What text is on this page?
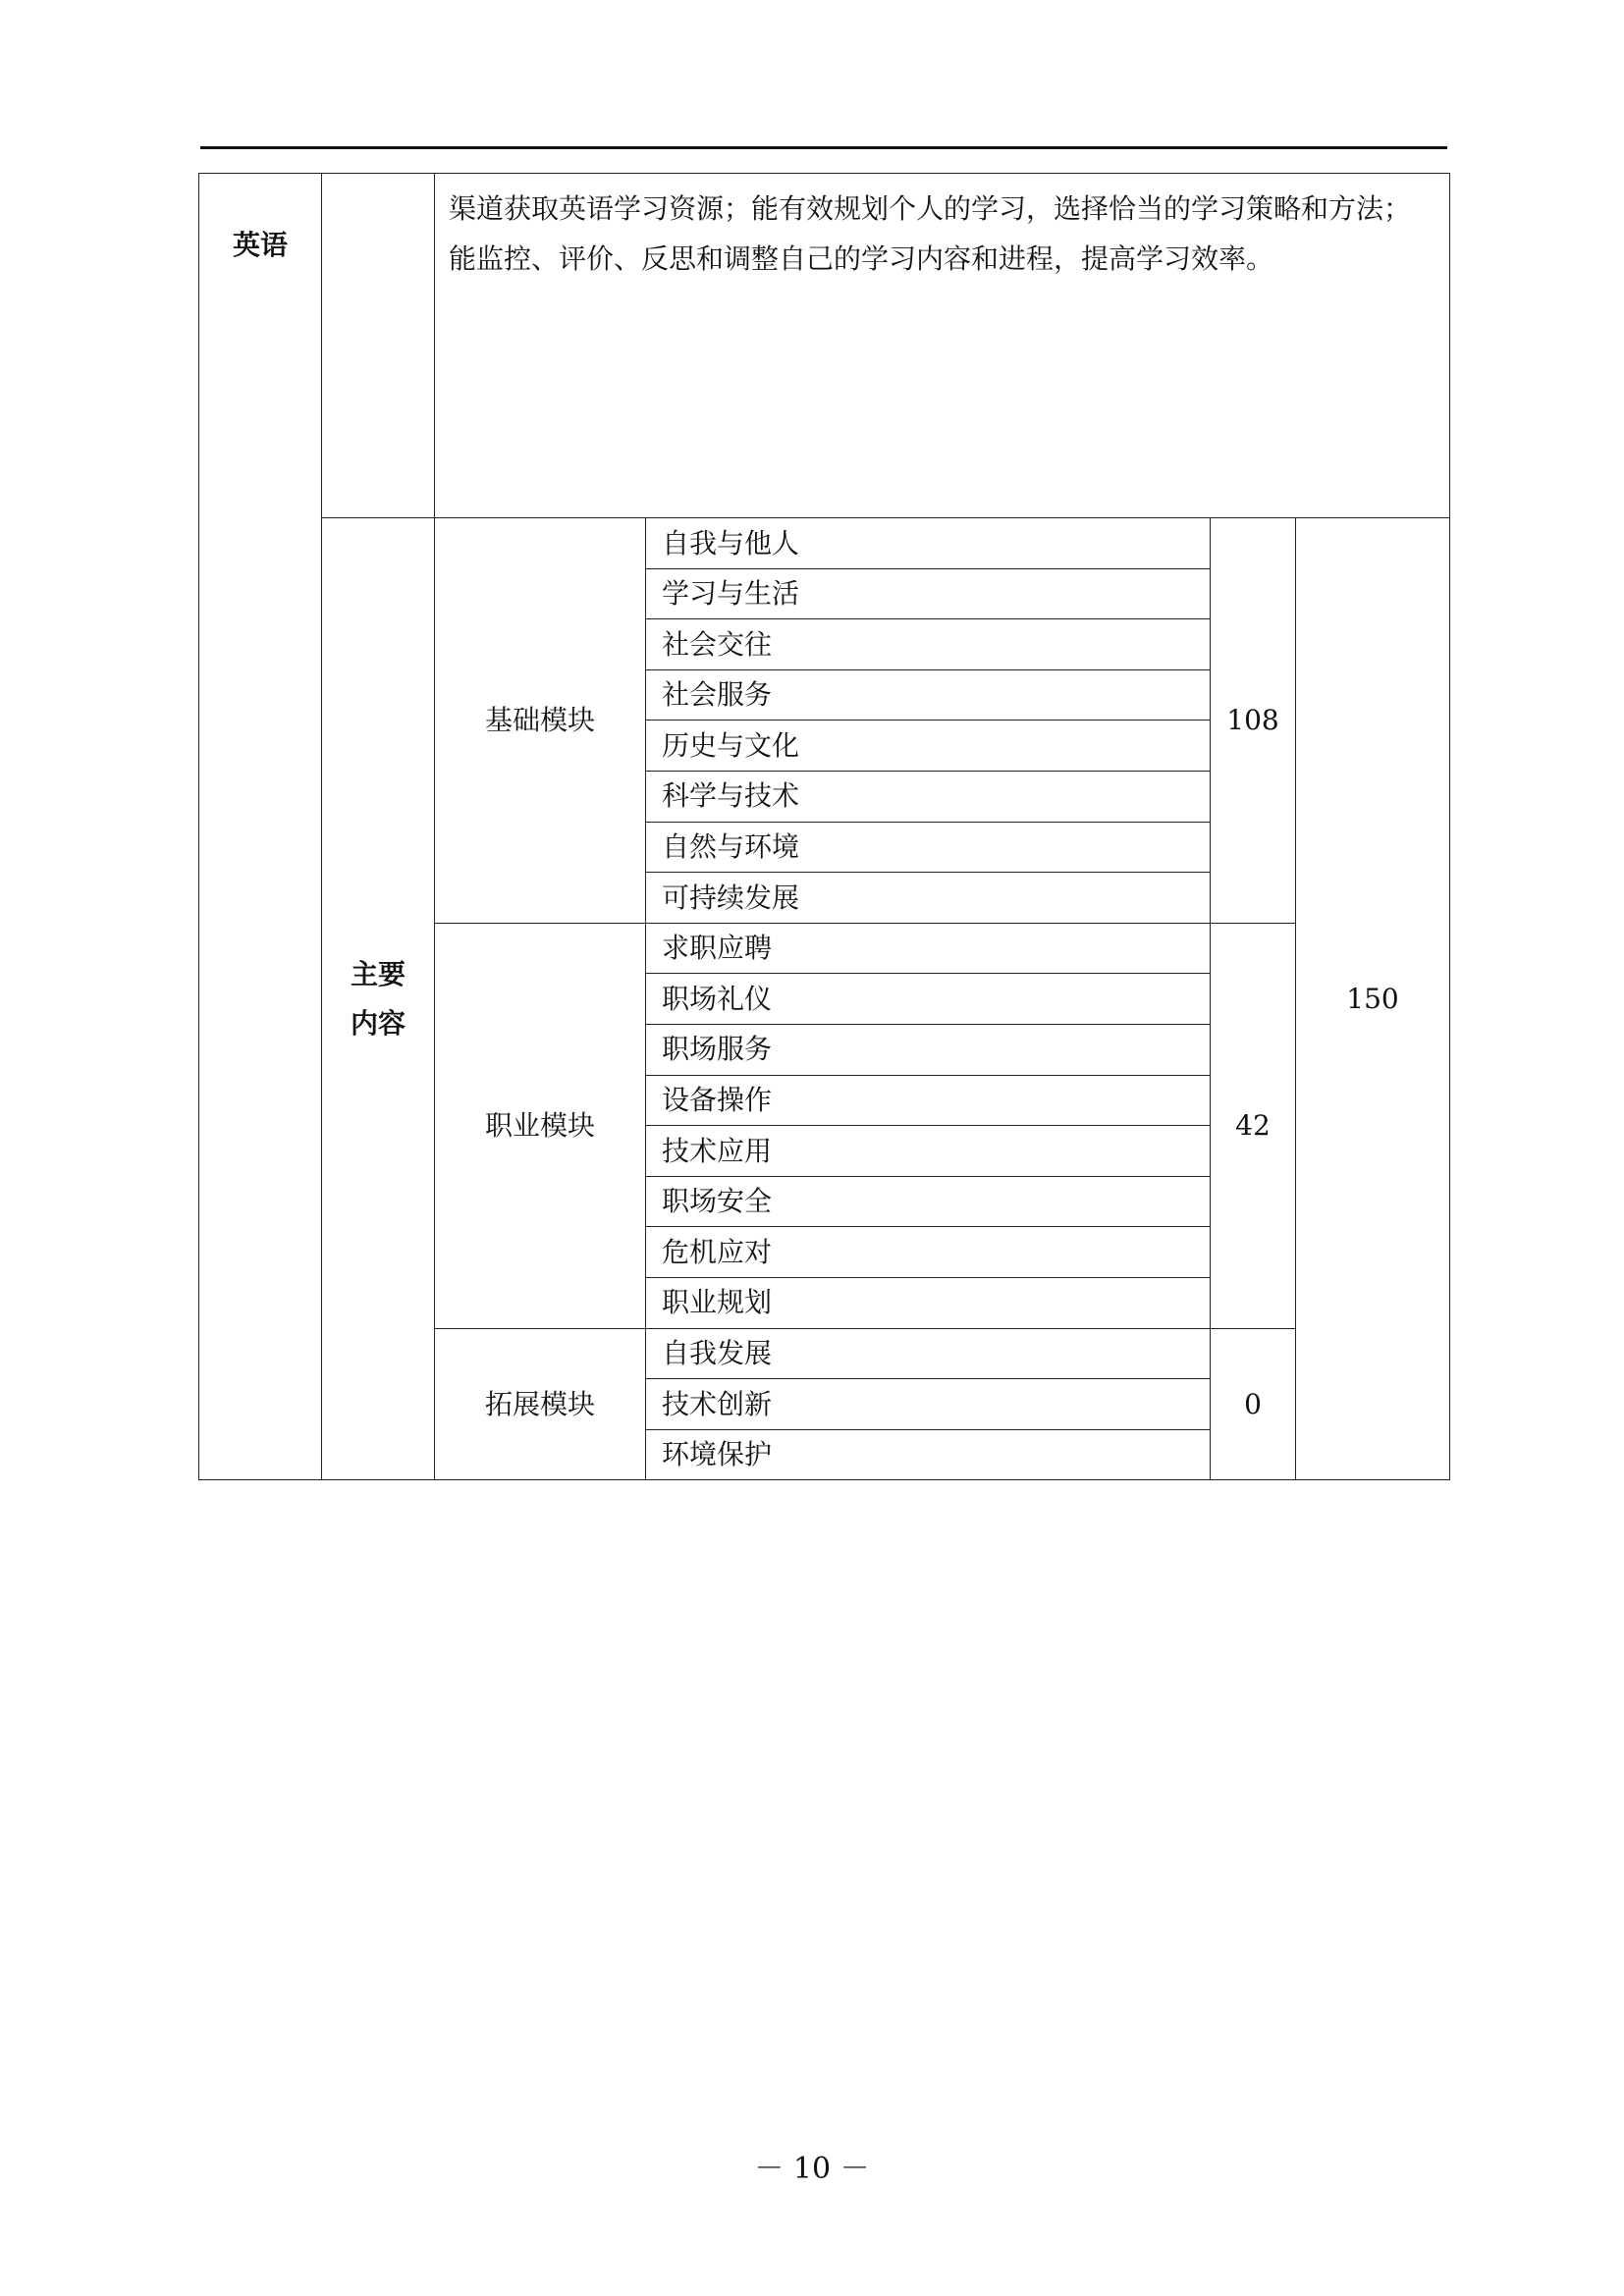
英语		渠道获取英语学习资源；能有效规划个人的学习，选择恰当的学习策略和方法；能监控、评价、反思和调整自己的学习内容和进程，提高学习效率。			
	主要
内容	基础模块	自我与他人	108	150
			学习与生活		
			社会交往		
			社会服务		
			历史与文化		
			科学与技术		
			自然与环境		
			可持续发展		
		职业模块	求职应聘	42	
			职场礼仪		
			职场服务		
			设备操作		
			技术应用		
			职场安全		
			危机应对		
			职业规划		
		拓展模块	自我发展	0	
			技术创新		
			环境保护		
－ 10 －
